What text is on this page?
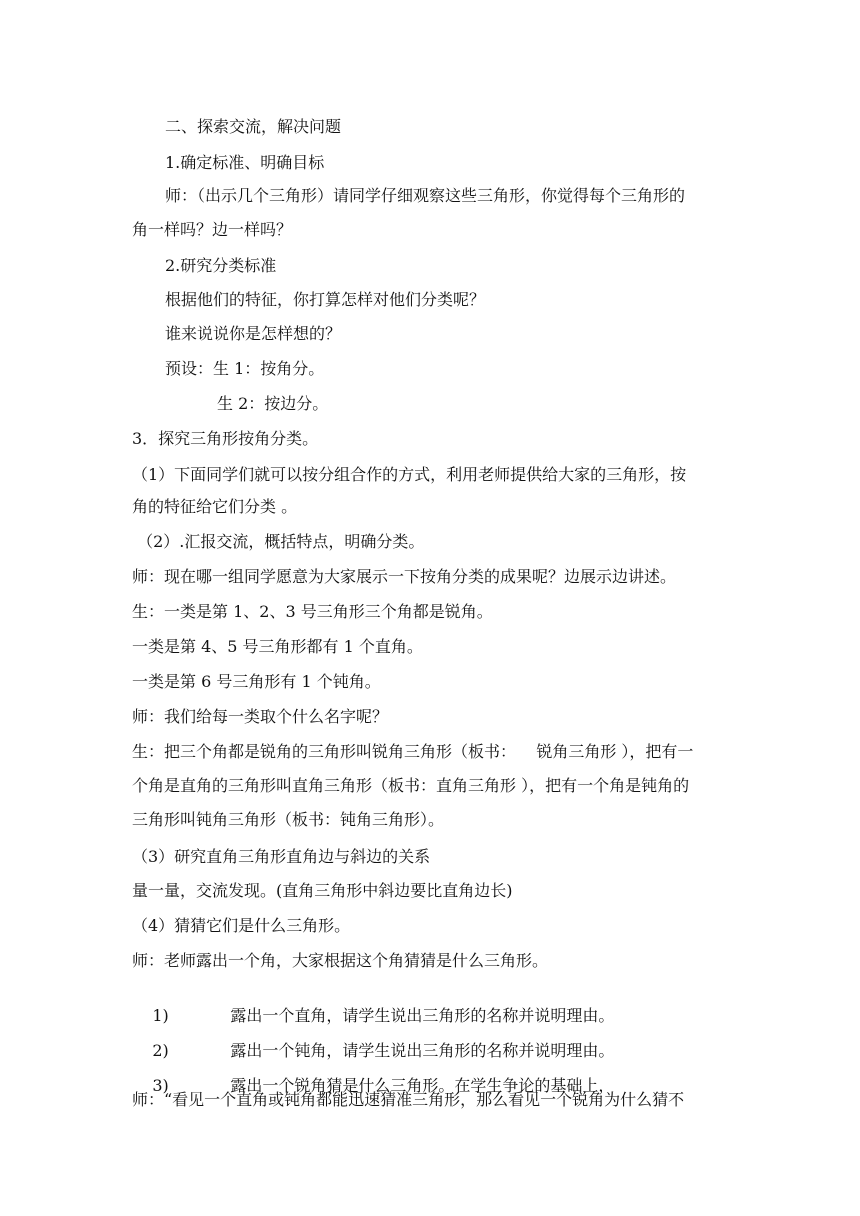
二、探索交流，解决问题
1.确定标准、明确目标
师：（出示几个三角形）请同学仔细观察这些三角形，你觉得每个三角形的
角一样吗？边一样吗？
2.研究分类标准
根据他们的特征，你打算怎样对他们分类呢？
谁来说说你是怎样想的？
预设：生 1：按角分。
生 2：按边分。
3．探究三角形按角分类。
（1）下面同学们就可以按分组合作的方式，利用老师提供给大家的三角形，按
角的特征给它们分类 。
（2）.汇报交流，概括特点，明确分类。
师：现在哪一组同学愿意为大家展示一下按角分类的成果呢？边展示边讲述。
生：一类是第 1、2、3 号三角形三个角都是锐角。
一类是第 4、5 号三角形都有 1 个直角。
一类是第 6 号三角形有 1 个钝角。
师：我们给每一类取个什么名字呢？
生：把三个角都是锐角的三角形叫锐角三角形（板书：    锐角三角形 ），把有一
个角是直角的三角形叫直角三角形（板书：直角三角形 ），把有一个角是钝角的
三角形叫钝角三角形（板书：钝角三角形）。
（3）研究直角三角形直角边与斜边的关系
量一量，交流发现。(直角三角形中斜边要比直角边长)
（4）猜猜它们是什么三角形。
师：老师露出一个角，大家根据这个角猜猜是什么三角形。

1)	露出一个直角，请学生说出三角形的名称并说明理由。

2)	露出一个钝角，请学生说出三角形的名称并说明理由。

3)	露出一个锐角猜是什么三角形。在学生争论的基础上，

师：“看见一个直角或钝角都能迅速猜准三角形，那么看见一个锐角为什么猜不
